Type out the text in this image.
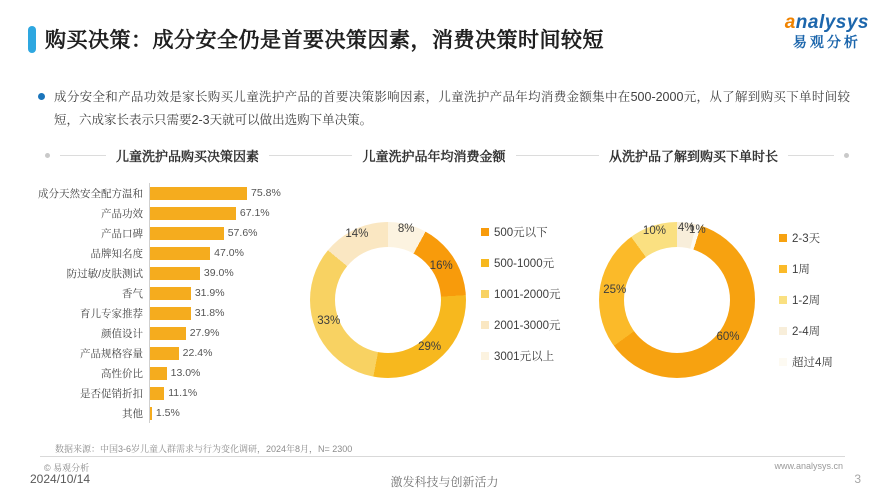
购买决策：成分安全仍是首要决策因素，消费决策时间较短
analysys
易观分析
成分安全和产品功效是家长购买儿童洗护产品的首要决策影响因素，儿童洗护产品年均消费金额集中在500-2000元，从了解到购买下单时间较短，六成家长表示只需要2-3天就可以做出选购下单决策。
儿童洗护品购买决策因素	儿童洗护品年均消费金额	从洗护品了解到购买下单时长
成分天然安全配方温和	75.8%
产品功效	67.1%
产品口碑	57.6%
品牌知名度	47.0%
防过敏/皮肤测试	39.0%
香气	31.9%
育儿专家推荐	31.8%
颜值设计	27.9%
产品规格容量	22.4%
高性价比	13.0%
是否促销折扣	11.1%
其他	1.5%
8%
16%
29%
33%
14%	500元以下
500-1000元
1001-2000元
2001-3000元
3001元以上
4%
1%
60%
25%
10%
2-3天
1周
1-2周
2-4周
超过4周
数据来源：中国3-6岁儿童人群需求与行为变化调研，2024年8月，N= 2300
© 易观分析	www.analysys.cn
2024/10/14	激发科技与创新活力	3
